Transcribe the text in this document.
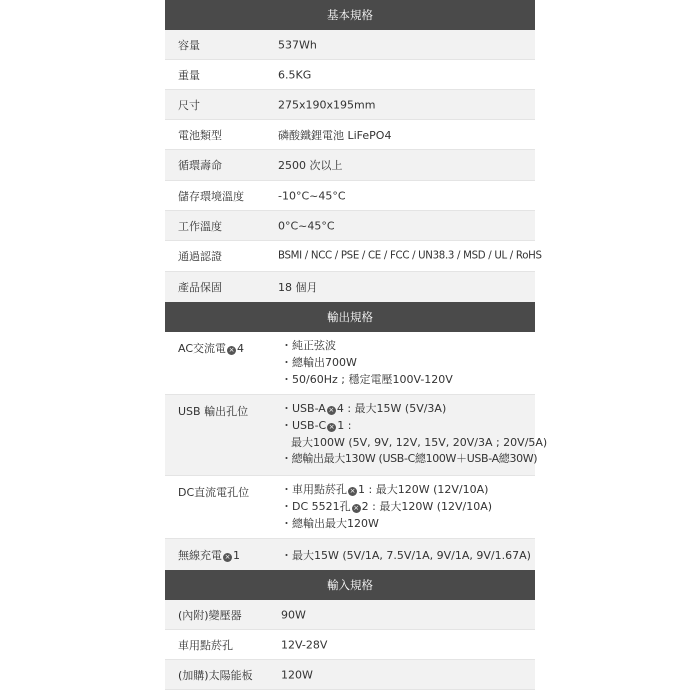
基本規格
容量	537Wh
重量	6.5KG
尺寸	275x190x195mm
電池類型	磷酸鐵鋰電池 LiFePO4
循環壽命	2500 次以上
儲存環境溫度	-10°C~45°C
工作溫度	0°C~45°C
通過認證	BSMI / NCC / PSE / CE / FCC / UN38.3 / MSD / UL / RoHS
產品保固	18 個月
輸出規格
AC交流電 × 4	・純正弦波
・總輸出700W
・50/60Hz ; 穩定電壓100V-120V
USB 輸出孔位	・USB-A × 4 : 最大15W (5V/3A)
・USB-C × 1 :
最大100W (5V, 9V, 12V, 15V, 20V/3A ; 20V/5A)
・總輸出最大130W (USB-C總100W＋USB-A總30W)
DC直流電孔位	・車用點菸孔 × 1 : 最大120W (12V/10A)
・DC 5521孔 × 2 : 最大120W (12V/10A)
・總輸出最大120W
無線充電 × 1	・最大15W (5V/1A, 7.5V/1A, 9V/1A, 9V/1.67A)
輸入規格
(內附)變壓器	90W
車用點菸孔	12V-28V
(加購)太陽能板	120W
